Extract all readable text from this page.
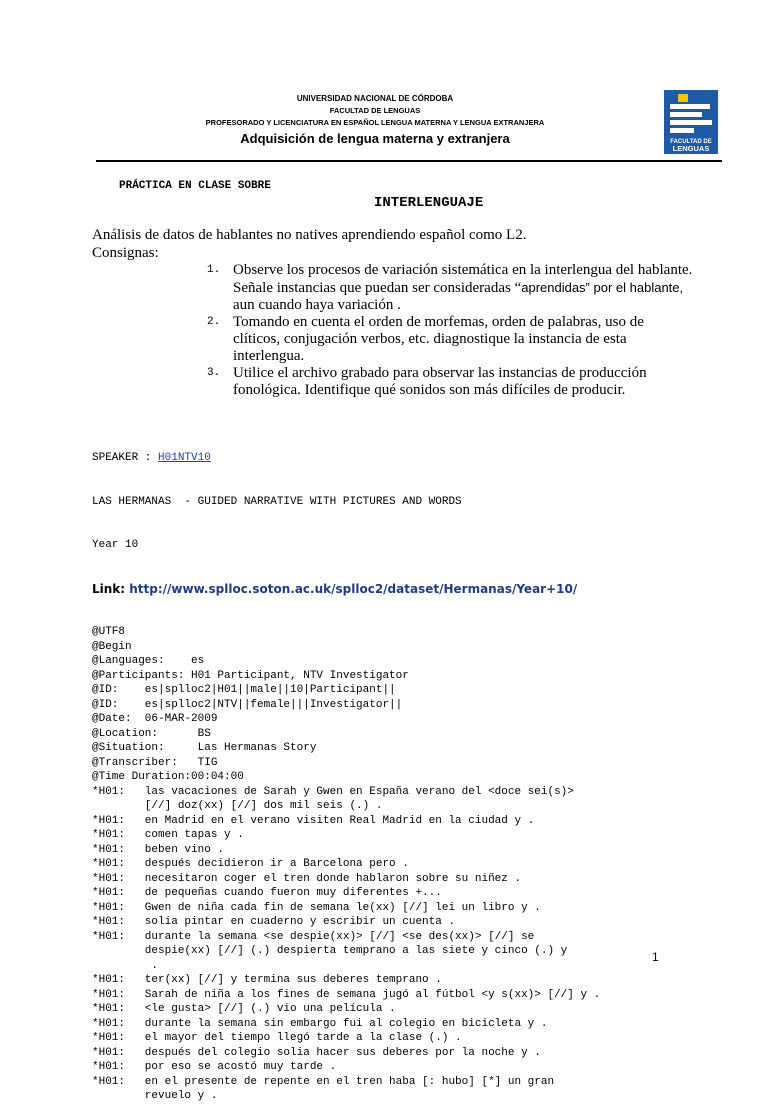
UNIVERSIDAD NACIONAL DE CÓRDOBA
FACULTAD DE LENGUAS
PROFESORADO Y LICENCIATURA EN ESPAÑOL LENGUA MATERNA Y LENGUA EXTRANJERA
Adquisición de lengua materna y extranjera	FACULTAD DE
LENGUAS
PRÁCTICA EN CLASE SOBRE
INTERLENGUAJE
Análisis de datos de hablantes no natives aprendiendo español como L2.
Consignas:
1. Observe los procesos de variación sistemática en la interlengua del hablante.
Señale instancias que puedan ser consideradas “aprendidas” por el hablante,
aun cuando haya variación .
2. Tomando en cuenta el orden de morfemas, orden de palabras, uso de
clíticos, conjugación verbos, etc. diagnostique la instancia de esta
interlengua.
3. Utilice el archivo grabado para observar las instancias de producción
fonológica. Identifique qué sonidos son más difíciles de producir.

SPEAKER : H01NTV10

LAS HERMANAS  - GUIDED NARRATIVE WITH PICTURES AND WORDS

Year 10

Link: http://www.splloc.soton.ac.uk/splloc2/dataset/Hermanas/Year+10/

@UTF8
@Begin
@Languages:    es
@Participants: H01 Participant, NTV Investigator
@ID:    es|splloc2|H01||male||10|Participant||
@ID:    es|splloc2|NTV||female|||Investigator||
@Date:  06-MAR-2009
@Location:      BS
@Situation:     Las Hermanas Story
@Transcriber:   TIG
@Time Duration:00:04:00
*H01:   las vacaciones de Sarah y Gwen en España verano del <doce sei(s)>
[//] doz(xx) [//] dos mil seis (.) .
*H01:   en Madrid en el verano visiten Real Madrid en la ciudad y .
*H01:   comen tapas y .
*H01:   beben vino .
*H01:   después decidieron ir a Barcelona pero .
*H01:   necesitaron coger el tren donde hablaron sobre su niñez .
*H01:   de pequeñas cuando fueron muy diferentes +...
*H01:   Gwen de niña cada fin de semana le(xx) [//] lei un libro y .
*H01:   solia pintar en cuaderno y escribir un cuenta .
*H01:   durante la semana <se despie(xx)> [//] <se des(xx)> [//] se
despie(xx) [//] (.) despierta temprano a las siete y cinco (.) y
.
*H01:   ter(xx) [//] y termina sus deberes temprano .
*H01:   Sarah de niña a los fines de semana jugó al fútbol <y s(xx)> [//] y .
*H01:   <le gusta> [//] (.) vio una película .
*H01:   durante la semana sin embargo fui al colegio en bicicleta y .
*H01:   el mayor del tiempo llegó tarde a la clase (.) .
*H01:   después del colegio solia hacer sus deberes por la noche y .
*H01:   por eso se acostó muy tarde .
*H01:   en el presente de repente en el tren haba [: hubo] [*] un gran
revuelo y .

1
